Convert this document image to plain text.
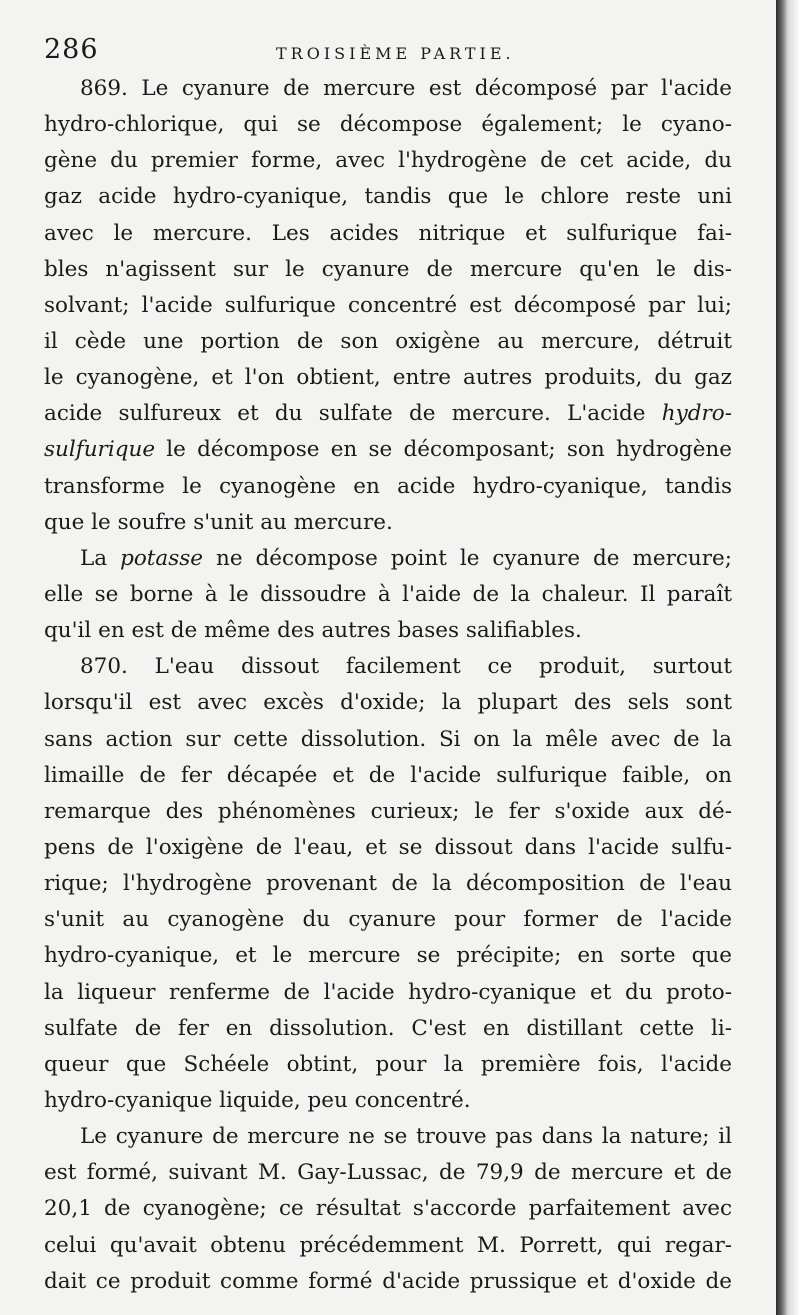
286	TROISIÈME PARTIE.
869. Le cyanure de mercure est décomposé par l'acide
hydro-chlorique, qui se décompose également; le cyano-
gène du premier forme, avec l'hydrogène de cet acide, du
gaz acide hydro-cyanique, tandis que le chlore reste uni
avec le mercure. Les acides nitrique et sulfurique fai-
bles n'agissent sur le cyanure de mercure qu'en le dis-
solvant; l'acide sulfurique concentré est décomposé par lui;
il cède une portion de son oxigène au mercure, détruit
le cyanogène, et l'on obtient, entre autres produits, du gaz
acide sulfureux et du sulfate de mercure. L'acide hydro-
sulfurique le décompose en se décomposant; son hydrogène
transforme le cyanogène en acide hydro-cyanique, tandis
que le soufre s'unit au mercure.
La potasse ne décompose point le cyanure de mercure;
elle se borne à le dissoudre à l'aide de la chaleur. Il paraît
qu'il en est de même des autres bases salifiables.
870. L'eau dissout facilement ce produit, surtout
lorsqu'il est avec excès d'oxide; la plupart des sels sont
sans action sur cette dissolution. Si on la mêle avec de la
limaille de fer décapée et de l'acide sulfurique faible, on
remarque des phénomènes curieux; le fer s'oxide aux dé-
pens de l'oxigène de l'eau, et se dissout dans l'acide sulfu-
rique; l'hydrogène provenant de la décomposition de l'eau
s'unit au cyanogène du cyanure pour former de l'acide
hydro-cyanique, et le mercure se précipite; en sorte que
la liqueur renferme de l'acide hydro-cyanique et du proto-
sulfate de fer en dissolution. C'est en distillant cette li-
queur que Schéele obtint, pour la première fois, l'acide
hydro-cyanique liquide, peu concentré.
Le cyanure de mercure ne se trouve pas dans la nature; il
est formé, suivant M. Gay-Lussac, de 79,9 de mercure et de
20,1 de cyanogène; ce résultat s'accorde parfaitement avec
celui qu'avait obtenu précédemment M. Porrett, qui regar-
dait ce produit comme formé d'acide prussique et d'oxide de
